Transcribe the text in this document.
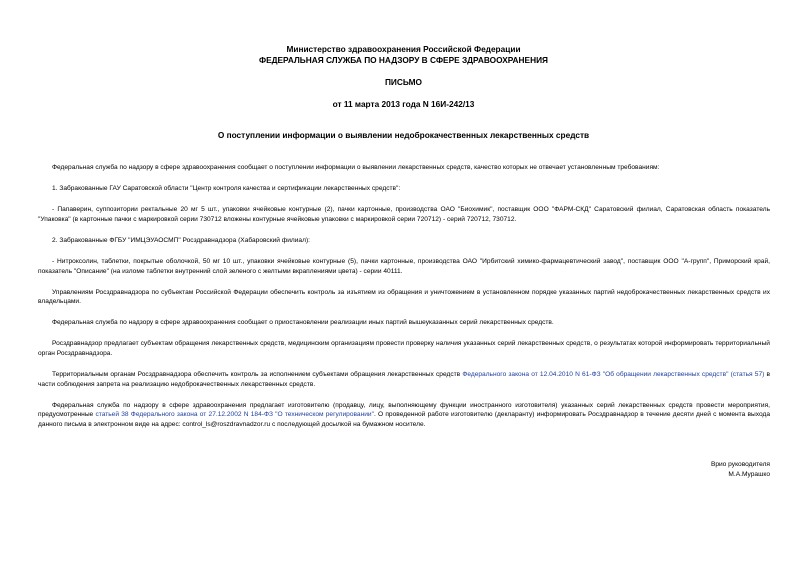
Министерство здравоохранения Российской Федерации
ФЕДЕРАЛЬНАЯ СЛУЖБА ПО НАДЗОРУ В СФЕРЕ ЗДРАВООХРАНЕНИЯ
ПИСЬМО
от 11 марта 2013 года N 16И-242/13
О поступлении информации о выявлении недоброкачественных лекарственных средств

Федеральная служба по надзору в сфере здравоохранения сообщает о поступлении информации о выявлении лекарственных средств, качество которых не отвечает установленным требованиям:

1. Забракованные ГАУ Саратовской области "Центр контроля качества и сертификации лекарственных средств":

- Папаверин, суппозитории ректальные 20 мг 5 шт., упаковки ячейковые контурные (2), пачки картонные, производства ОАО "Биохимик", поставщик ООО "ФАРМ-СКД" Саратовский филиал, Саратовская область показатель "Упаковка" (в картонные пачки с маркировкой серии 730712 вложены контурные ячейковые упаковки с маркировкой серии 720712) - серий 720712, 730712.

2. Забракованные ФГБУ "ИМЦЭУАОСМП" Росздравнадзора (Хабаровский филиал):

- Нитроксолин, таблетки, покрытые оболочкой, 50 мг 10 шт., упаковки ячейковые контурные (5), пачки картонные, производства ОАО "Ирбитский химико-фармацевтический завод", поставщик ООО "А-групп", Приморский край, показатель "Описание" (на изломе таблетки внутренний слой зеленого с желтыми вкраплениями цвета) - серии 40111.

Управлениям Росздравнадзора по субъектам Российской Федерации обеспечить контроль за изъятием из обращения и уничтожением в установленном порядке указанных партий недоброкачественных лекарственных средств их владельцами.

Федеральная служба по надзору в сфере здравоохранения сообщает о приостановлении реализации иных партий вышеуказанных серий лекарственных средств.

Росздравнадзор предлагает субъектам обращения лекарственных средств, медицинским организациям провести проверку наличия указанных серий лекарственных средств, о результатах которой информировать территориальный орган Росздравнадзора.

Территориальным органам Росздравнадзора обеспечить контроль за исполнением субъектами обращения лекарственных средств Федерального закона от 12.04.2010 N 61-ФЗ "Об обращении лекарственных средств" (статья 57) в части соблюдения запрета на реализацию недоброкачественных лекарственных средств.

Федеральная служба по надзору в сфере здравоохранения предлагает изготовителю (продавцу, лицу, выполняющему функции иностранного изготовителя) указанных серий лекарственных средств провести мероприятия, предусмотренные статьей 38 Федерального закона от 27.12.2002 N 184-ФЗ "О техническом регулировании". О проведенной работе изготовителю (декларанту) информировать Росздравнадзор в течение десяти дней с момента выхода данного письма в электронном виде на адрес: control_ls@roszdravnadzor.ru с последующей досылкой на бумажном носителе.

Врио руководителя
М.А.Мурашко
